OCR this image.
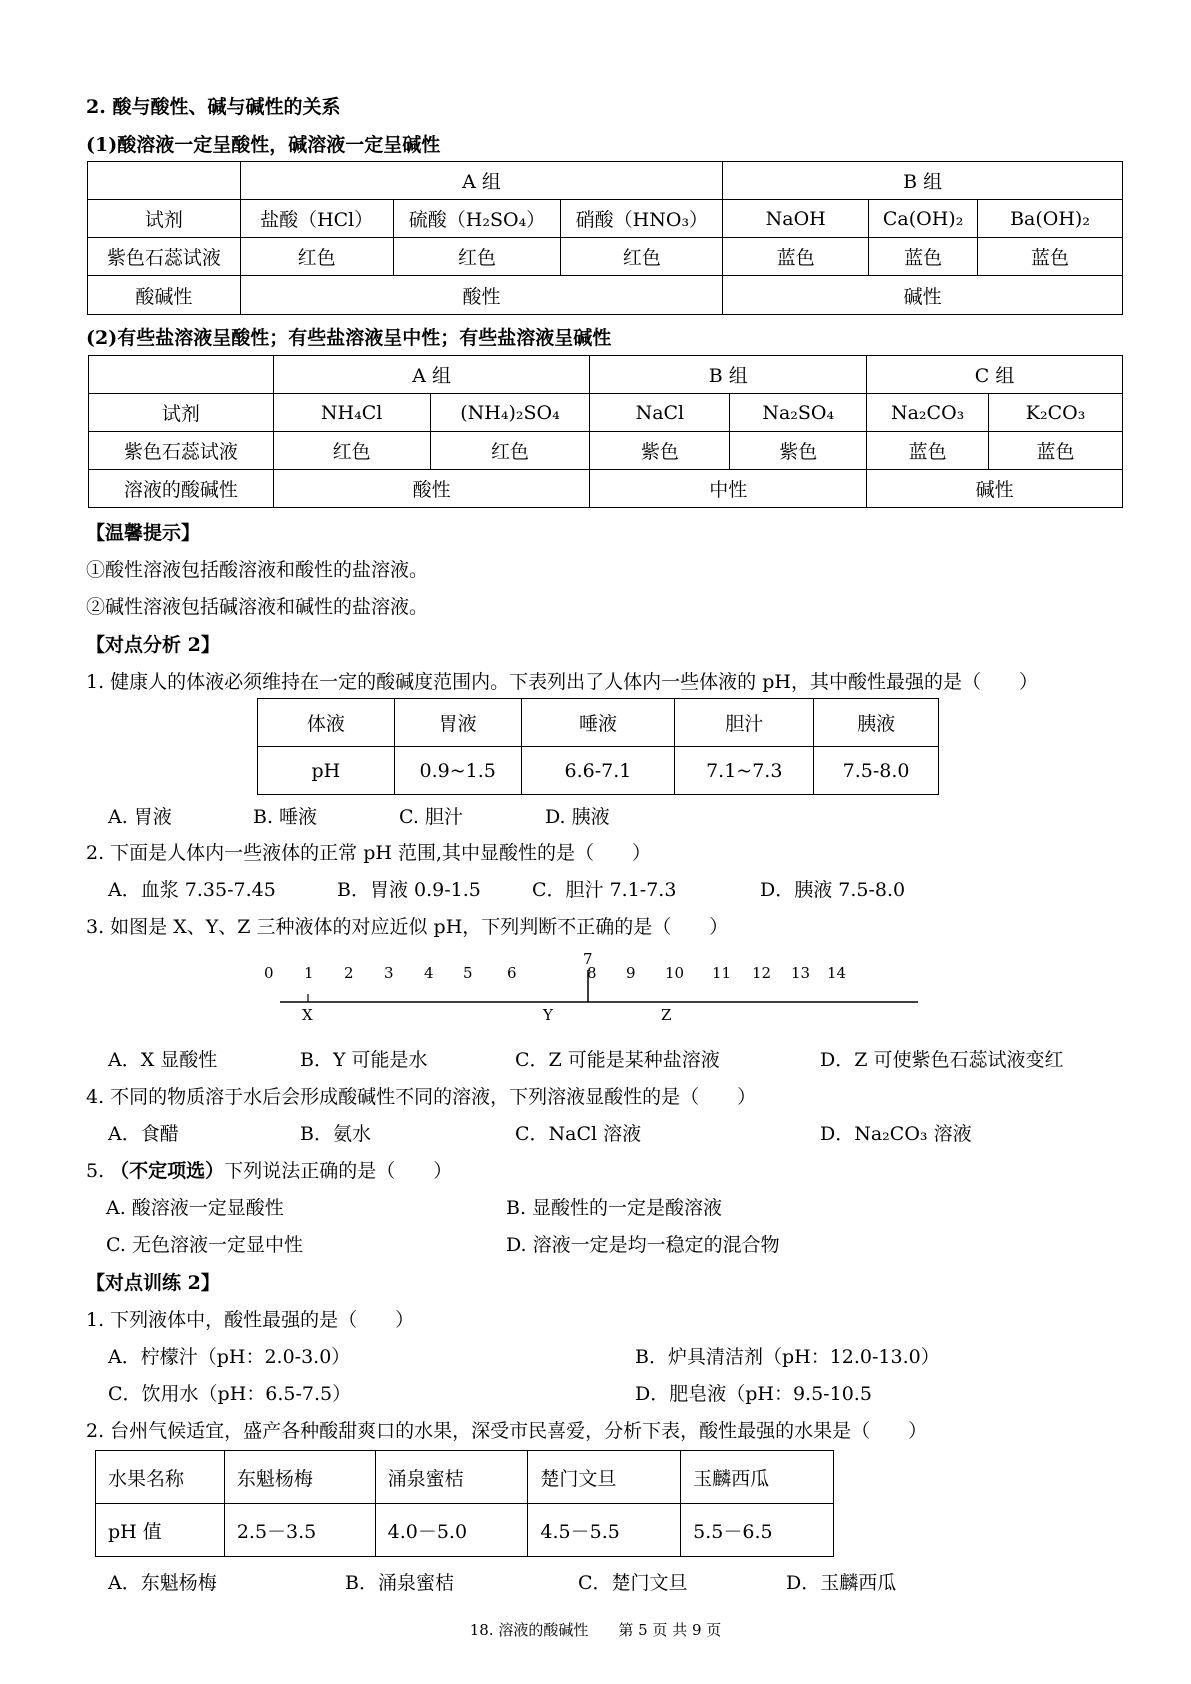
2. 酸与酸性、碱与碱性的关系
(1)酸溶液一定呈酸性，碱溶液一定呈碱性
	A 组			B 组		
试剂	盐酸（HCl）	硫酸（H₂SO₄）	硝酸（HNO₃）	NaOH	Ca(OH)₂	Ba(OH)₂
紫色石蕊试液	红色	红色	红色	蓝色	蓝色	蓝色
酸碱性	酸性			碱性		
(2)有些盐溶液呈酸性；有些盐溶液呈中性；有些盐溶液呈碱性
	A 组		B 组		C 组	
试剂	NH₄Cl	(NH₄)₂SO₄	NaCl	Na₂SO₄	Na₂CO₃	K₂CO₃
紫色石蕊试液	红色	红色	紫色	紫色	蓝色	蓝色
溶液的酸碱性	酸性		中性		碱性	
【温馨提示】
①酸性溶液包括酸溶液和酸性的盐溶液。
②碱性溶液包括碱溶液和碱性的盐溶液。
【对点分析 2】
1. 健康人的体液必须维持在一定的酸碱度范围内。下表列出了人体内一些体液的 pH，其中酸性最强的是（　　）
体液	胃液	唾液	胆汁	胰液
pH	0.9~1.5	6.6-7.1	7.1~7.3	7.5-8.0
A. 胃液	B. 唾液	C. 胆汁	D. 胰液
2. 下面是人体内一些液体的正常 pH 范围,其中显酸性的是（　　）
A．血浆 7.35-7.45	B．胃液 0.9-1.5	C．胆汁 7.1-7.3	D．胰液 7.5-8.0
3. 如图是 X、Y、Z 三种液体的对应近似 pH，下列判断不正确的是（　　）
0 1 2 3 4 5 6
7
8 9 10 11 12 13 14
X	Y	Z
A．X 显酸性	B．Y 可能是水	C．Z 可能是某种盐溶液	D．Z 可使紫色石蕊试液变红
4. 不同的物质溶于水后会形成酸碱性不同的溶液，下列溶液显酸性的是（　　）
A．食醋	B．氨水	C．NaCl 溶液	D．Na₂CO₃ 溶液
5. （不定项选）下列说法正确的是（　　）
A. 酸溶液一定显酸性	B. 显酸性的一定是酸溶液
C. 无色溶液一定显中性	D. 溶液一定是均一稳定的混合物
【对点训练 2】
1. 下列液体中，酸性最强的是（　　）
A．柠檬汁（pH：2.0-3.0）	B．炉具清洁剂（pH：12.0-13.0）
C．饮用水（pH：6.5-7.5）	D．肥皂液（pH：9.5-10.5
2. 台州气候适宜，盛产各种酸甜爽口的水果，深受市民喜爱，分析下表，酸性最强的水果是（　　）
水果名称	东魁杨梅	涌泉蜜桔	楚门文旦	玉麟西瓜
pH 值	2.5－3.5	4.0－5.0	4.5－5.5	5.5－6.5
A．东魁杨梅	B．涌泉蜜桔	C．楚门文旦	D．玉麟西瓜
18. 溶液的酸碱性　　第 5 页 共 9 页
